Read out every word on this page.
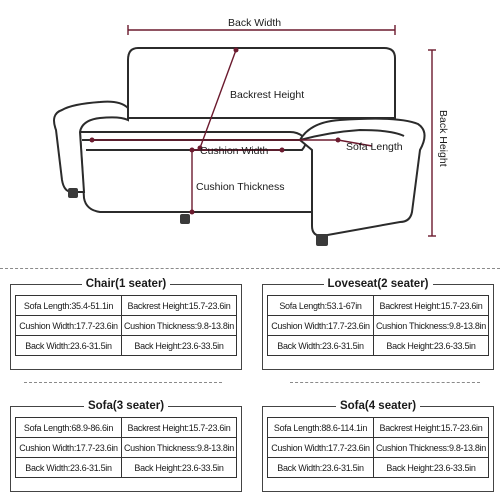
Back Width
Backrest Height
Cushion Width	Sofa Length
Cushion Thickness
Back Height
Chair(1 seater)
Sofa Length:35.4-51.1in	Backrest Height:15.7-23.6in
Cushion Width:17.7-23.6in	Cushion Thickness:9.8-13.8in
Back Width:23.6-31.5in	Back Height:23.6-33.5in
Loveseat(2 seater)
Sofa Length:53.1-67in	Backrest Height:15.7-23.6in
Cushion Width:17.7-23.6in	Cushion Thickness:9.8-13.8in
Back Width:23.6-31.5in	Back Height:23.6-33.5in
Sofa(3 seater)
Sofa Length:68.9-86.6in	Backrest Height:15.7-23.6in
Cushion Width:17.7-23.6in	Cushion Thickness:9.8-13.8in
Back Width:23.6-31.5in	Back Height:23.6-33.5in
Sofa(4 seater)
Sofa Length:88.6-114.1in	Backrest Height:15.7-23.6in
Cushion Width:17.7-23.6in	Cushion Thickness:9.8-13.8in
Back Width:23.6-31.5in	Back Height:23.6-33.5in
